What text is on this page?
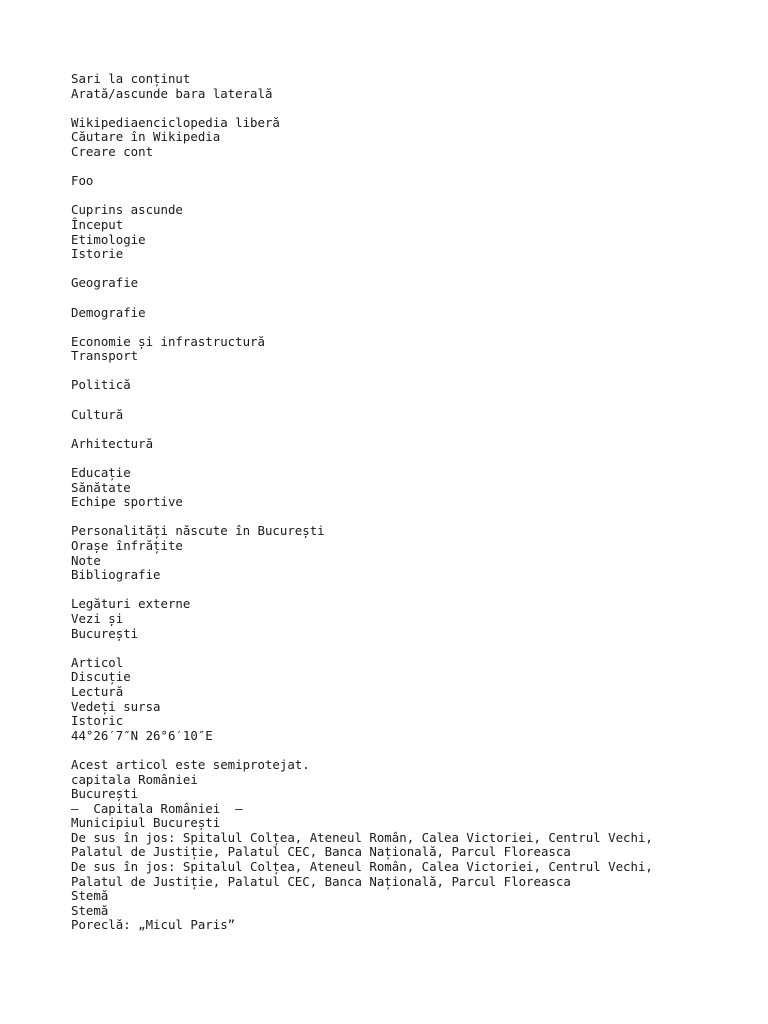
Sari la conținut
Arată/ascunde bara laterală
Wikipediaenciclopedia liberă
Căutare în Wikipedia
Creare cont
Foo
Cuprins ascunde
Început
Etimologie
Istorie
Geografie
Demografie
Economie și infrastructură
Transport
Politică
Cultură
Arhitectură
Educație
Sănătate
Echipe sportive
Personalități născute în București
Orașe înfrățite
Note
Bibliografie
Legături externe
Vezi și
București
Articol
Discuție
Lectură
Vedeți sursa
Istoric
44°26′7″N 26°6′10″E
Acest articol este semiprotejat.
capitala României
București
—  Capitala României  —
Municipiul București
De sus în jos: Spitalul Colțea, Ateneul Român, Calea Victoriei, Centrul Vechi,
Palatul de Justiție, Palatul CEC, Banca Națională, Parcul Floreasca
De sus în jos: Spitalul Colțea, Ateneul Român, Calea Victoriei, Centrul Vechi,
Palatul de Justiție, Palatul CEC, Banca Națională, Parcul Floreasca
Stemă
Stemă
Poreclă: „Micul Paris”
